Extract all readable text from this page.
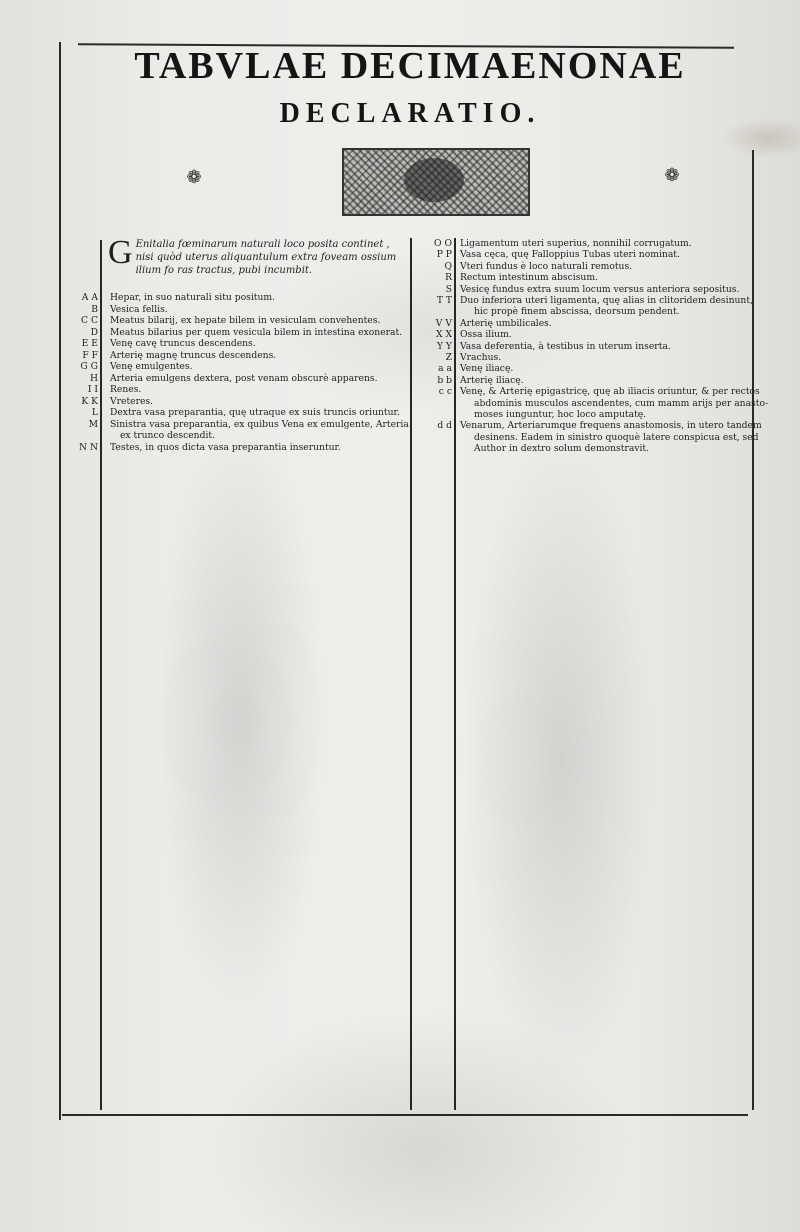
TABVLAE DECIMAENONAE
DECLARATIO.
❁	❁
G Enitalia fœminarum naturali loco posita continet , nisi quòd uterus aliquantulum extra foveam ossium ilium fo ras tractus, pubi incumbit.
A A Hepar, in suo naturali situ positum.
B Vesica fellis.
C C Meatus bilarij, ex hepate bilem in vesiculam convehentes.
D Meatus bilarius per quem vesicula bilem in intestina exonerat.
E E Venę cavę truncus descendens.
F F Arterię magnę truncus descendens.
G G Venę emulgentes.
H Arteria emulgens dextera, post venam obscurè apparens.
I I Renes.
K K Vreteres.
L Dextra vasa preparantia, quę utraque ex suis truncis oriuntur.
M Sinistra vasa preparantia, ex quibus Vena ex emulgente, Arteria
ex trunco descendit.
N N Testes, in quos dicta vasa preparantia inseruntur.
O O Ligamentum uteri superius, nonnihil corrugatum.
P P Vasa cęca, quę Falloppius Tubas uteri nominat.
Q Vteri fundus è loco naturali remotus.
R Rectum intestinum abscisum.
S Vesicę fundus extra suum locum versus anteriora sepositus.
T T Duo inferiora uteri ligamenta, quę alias in clitoridem desinunt,
hic propè finem abscissa, deorsum pendent.
V V Arterię umbilicales.
X X Ossa ilium.
Y Y Vasa deferentia, à testibus in uterum inserta.
Z Vrachus.
a a Venę iliacę.
b b Arterię iliacę.
c c Venę, & Arterię epigastricę, quę ab iliacis oriuntur, & per rectos
abdominis musculos ascendentes, cum mamm arijs per anasto-
moses iunguntur, hoc loco amputatę.
d d Venarum, Arteriarumque frequens anastomosis, in utero tandem
desinens. Eadem in sinistro quoquè latere conspicua est, sed
Author in dextro solum demonstravit.
